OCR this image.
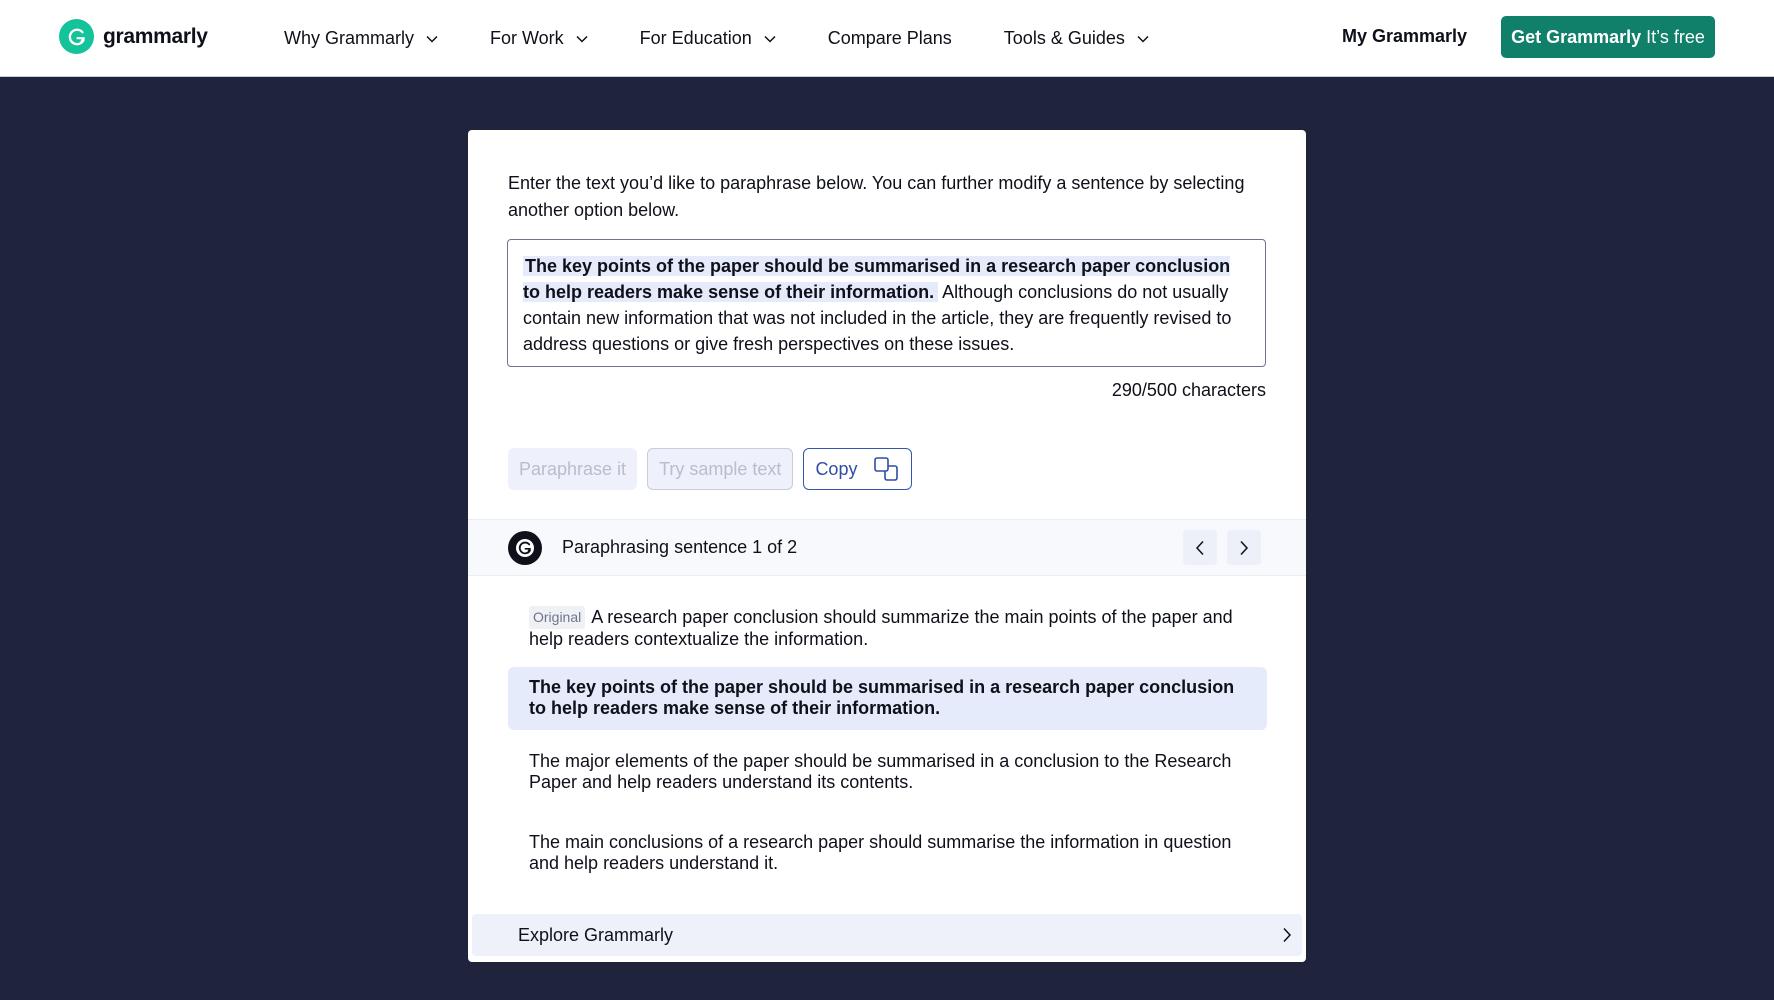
grammarly	Why Grammarly	For Work	For Education	Compare Plans	Tools & Guides	My Grammarly Get Grammarly It’s free

Enter the text you’d like to paraphrase below. You can further modify a sentence by selecting another option below.

The key points of the paper should be summarised in a research paper conclusion to help readers make sense of their information. Although conclusions do not usually contain new information that was not included in the article, they are frequently revised to address questions or give fresh perspectives on these issues.
290/500 characters
Paraphrase it	Try sample text	Copy
Paraphrasing sentence 1 of 2
Original A research paper conclusion should summarize the main points of the paper and help readers contextualize the information.
The key points of the paper should be summarised in a research paper conclusion to help readers make sense of their information.
The major elements of the paper should be summarised in a conclusion to the Research Paper and help readers understand its contents.
The main conclusions of a research paper should summarise the information in question and help readers understand it.
Explore Grammarly
